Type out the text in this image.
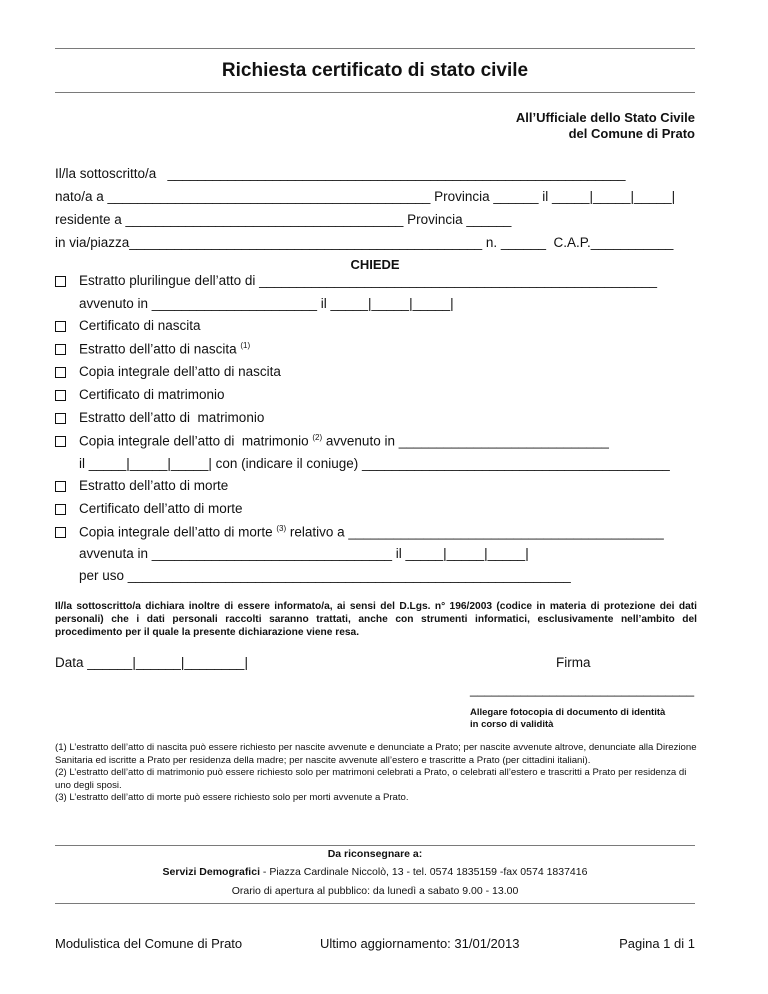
Richiesta certificato di stato civile
All’Ufficiale dello Stato Civile
del Comune di Prato
Il/la sottoscritto/a   _____________________________________________________________
nato/a a ___________________________________________ Provincia ______ il _____|_____|_____|
residente a _____________________________________ Provincia ______
in via/piazza_______________________________________________ n. ______  C.A.P.___________
CHIEDE
Estratto plurilingue dell’atto di _____________________________________________________
avvenuto in ______________________ il _____|_____|_____|
Certificato di nascita
Estratto dell’atto di nascita $^{(1)}$
Copia integrale dell’atto di nascita
Certificato di matrimonio
Estratto dell’atto di  matrimonio
Copia integrale dell’atto di  matrimonio $^{(2)}$ avvenuto in ____________________________
il _____|_____|_____| con (indicare il coniuge) _________________________________________
Estratto dell’atto di morte
Certificato dell’atto di morte
Copia integrale dell’atto di morte $^{(3)}$ relativo a __________________________________________
avvenuta in ________________________________ il _____|_____|_____|
per uso ___________________________________________________________
Il/la sottoscritto/a dichiara inoltre di essere informato/a, ai sensi del D.Lgs. n° 196/2003 (codice in materia di protezione dei dati personali) che i dati personali raccolti saranno trattati, anche con strumenti informatici, esclusivamente nell’ambito del procedimento per il quale la presente dichiarazione viene resa.
Data ______|______|________|	Firma
_______________________________
Allegare fotocopia di documento di identità
in corso di validità
(1) L’estratto dell’atto di nascita può essere richiesto per nascite avvenute e denunciate a Prato; per nascite avvenute altrove, denunciate alla Direzione Sanitaria ed iscritte a Prato per residenza della madre; per nascite avvenute all’estero e trascritte a Prato (per cittadini italiani).
(2) L’estratto dell’atto di matrimonio può essere richiesto solo per matrimoni celebrati a Prato, o celebrati all’estero e trascritti a Prato per residenza di uno degli sposi.
(3) L’estratto dell’atto di morte può essere richiesto solo per morti avvenute a Prato.
Da riconsegnare a:
Servizi Demografici - Piazza Cardinale Niccolò, 13 - tel. 0574 1835159 -fax 0574 1837416
Orario di apertura al pubblico: da lunedì a sabato 9.00 - 13.00
Modulistica del Comune di Prato	Ultimo aggiornamento: 31/01/2013	Pagina 1 di 1
